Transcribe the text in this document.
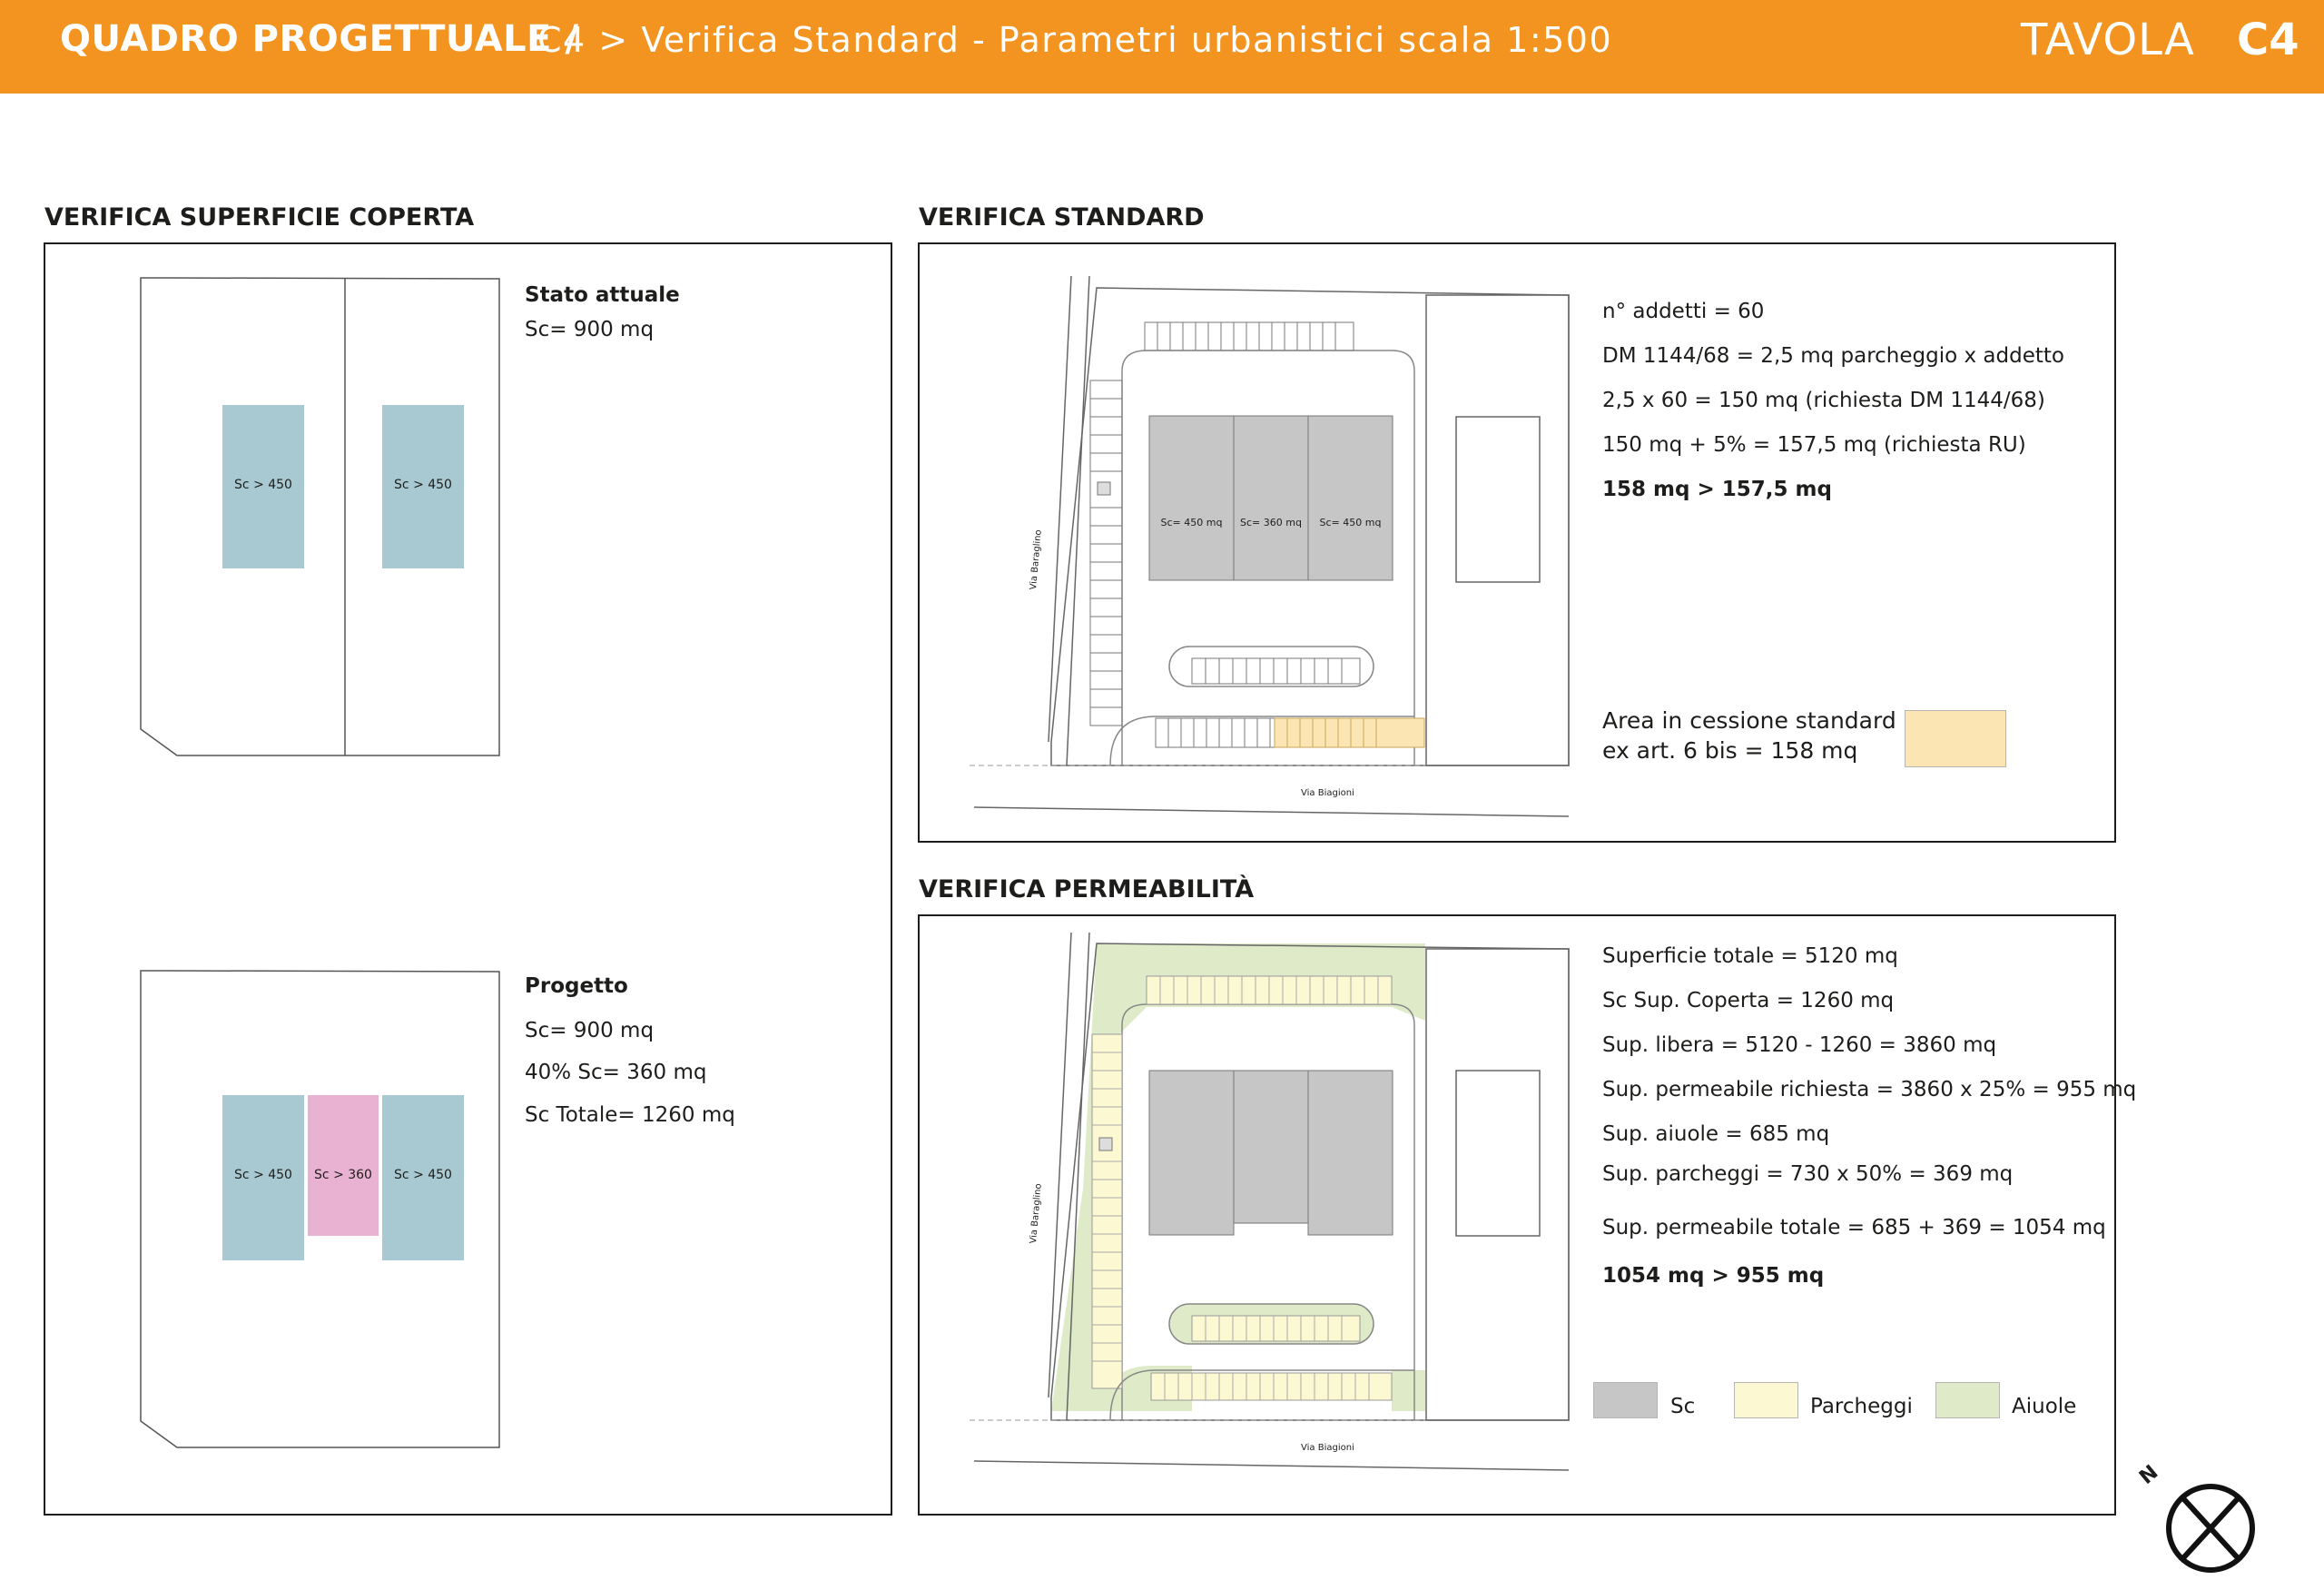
QUADRO PROGETTUALE /
C4 > Verifica Standard - Parametri urbanistici scala 1:500	TAVOLA C4
VERIFICA SUPERFICIE COPERTA	VERIFICA STANDARD
VERIFICA PERMEABILITÀ
Sc > 450	Sc > 450
Sc > 450	Sc > 360	Sc > 450
Stato attuale
Sc= 900 mq
Progetto
Sc= 900 mq
40% Sc= 360 mq
Sc Totale= 1260 mq
Sc= 450 mq	Sc= 360 mq	Sc= 450 mq
Via Baraglino
Via Biagioni
n° addetti = 60
DM 1144/68 = 2,5 mq parcheggio x addetto
2,5 x 60 = 150 mq (richiesta DM 1144/68)
150 mq + 5% = 157,5 mq (richiesta RU)
158 mq > 157,5 mq
Area in cessione standard
ex art. 6 bis = 158 mq
Via Baraglino
Via Biagioni
Superficie totale = 5120 mq
Sc Sup. Coperta = 1260 mq
Sup. libera = 5120 - 1260 = 3860 mq
Sup. permeabile richiesta = 3860 x 25% = 955 mq
Sup. aiuole = 685 mq
Sup. parcheggi = 730 x 50% = 369 mq
Sup. permeabile totale = 685 + 369 = 1054 mq
1054 mq > 955 mq
Sc	Parcheggi	Aiuole
N
